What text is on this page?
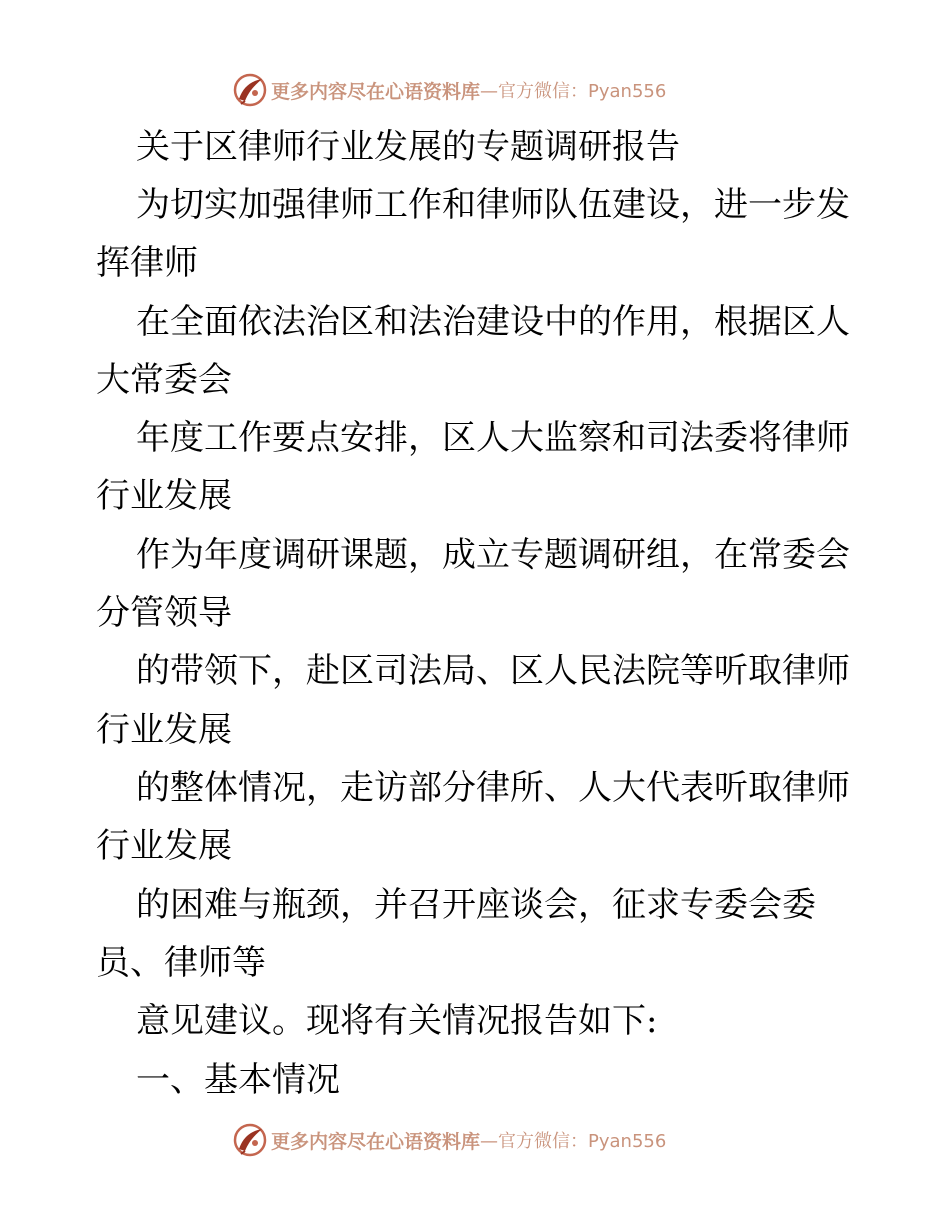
更多内容尽在心语资料库 —官方微信：Pyan556
关于区律师行业发展的专题调研报告
为切实加强律师工作和律师队伍建设，进一步发
挥律师
在全面依法治区和法治建设中的作用，根据区人
大常委会
年度工作要点安排，区人大监察和司法委将律师
行业发展
作为年度调研课题，成立专题调研组，在常委会
分管领导
的带领下，赴区司法局、区人民法院等听取律师
行业发展
的整体情况，走访部分律所、人大代表听取律师
行业发展
的困难与瓶颈，并召开座谈会，征求专委会委
员、律师等
意见建议。现将有关情况报告如下:
一、基本情况
更多内容尽在心语资料库 —官方微信：Pyan556
